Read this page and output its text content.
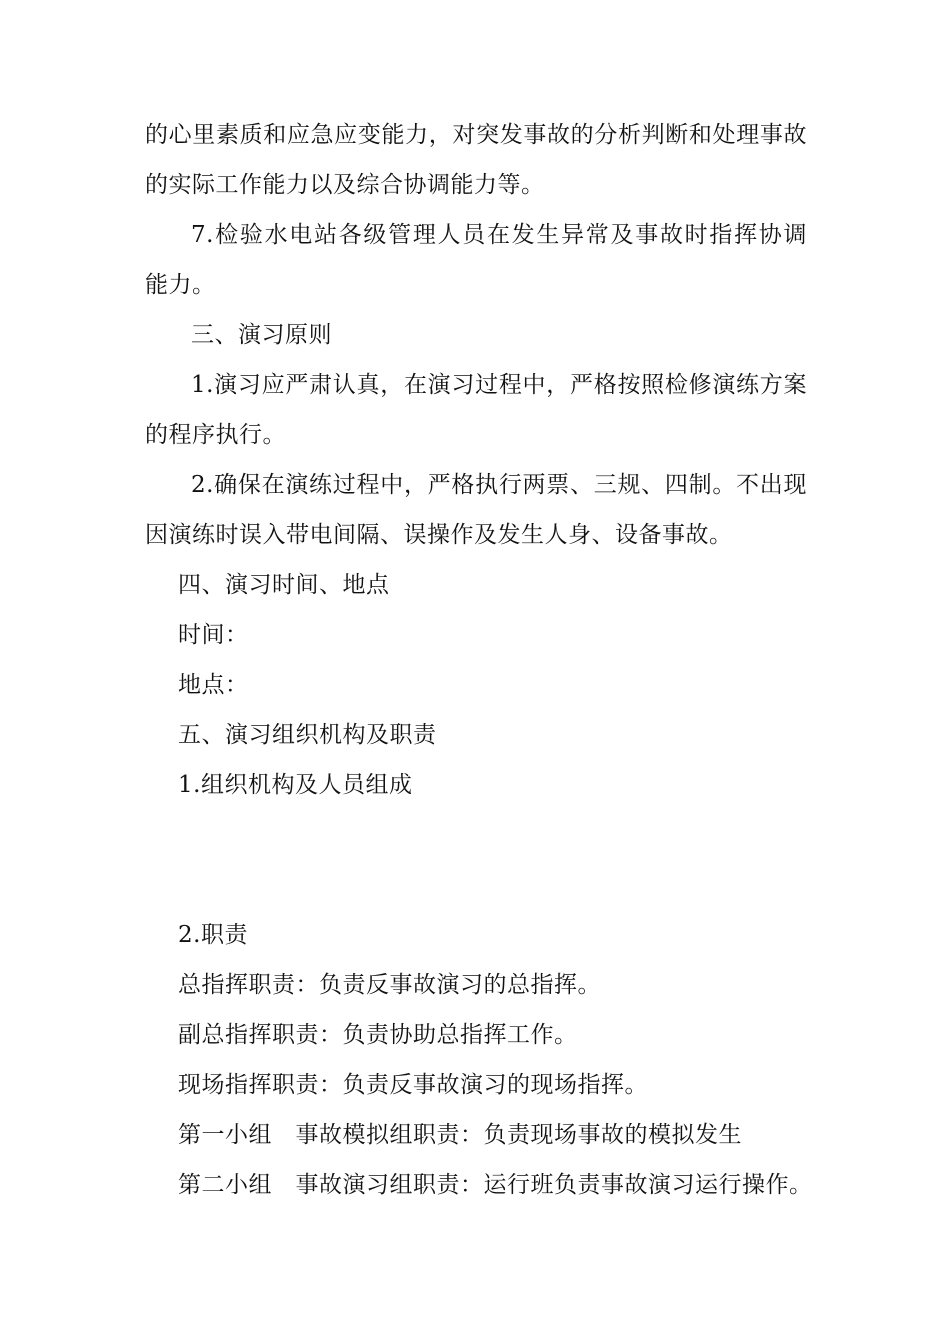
的心里素质和应急应变能力，对突发事故的分析判断和处理事故
的实际工作能力以及综合协调能力等。
7.检验水电站各级管理人员在发生异常及事故时指挥协调
能力。
三、演习原则
1.演习应严肃认真，在演习过程中，严格按照检修演练方案
的程序执行。
2.确保在演练过程中，严格执行两票、三规、四制。不出现
因演练时误入带电间隔、误操作及发生人身、设备事故。
四、演习时间、地点
时间：
地点：
五、演习组织机构及职责
1.组织机构及人员组成
2.职责
总指挥职责：负责反事故演习的总指挥。
副总指挥职责：负责协助总指挥工作。
现场指挥职责：负责反事故演习的现场指挥。
第一小组　事故模拟组职责：负责现场事故的模拟发生
第二小组　事故演习组职责：运行班负责事故演习运行操作。
